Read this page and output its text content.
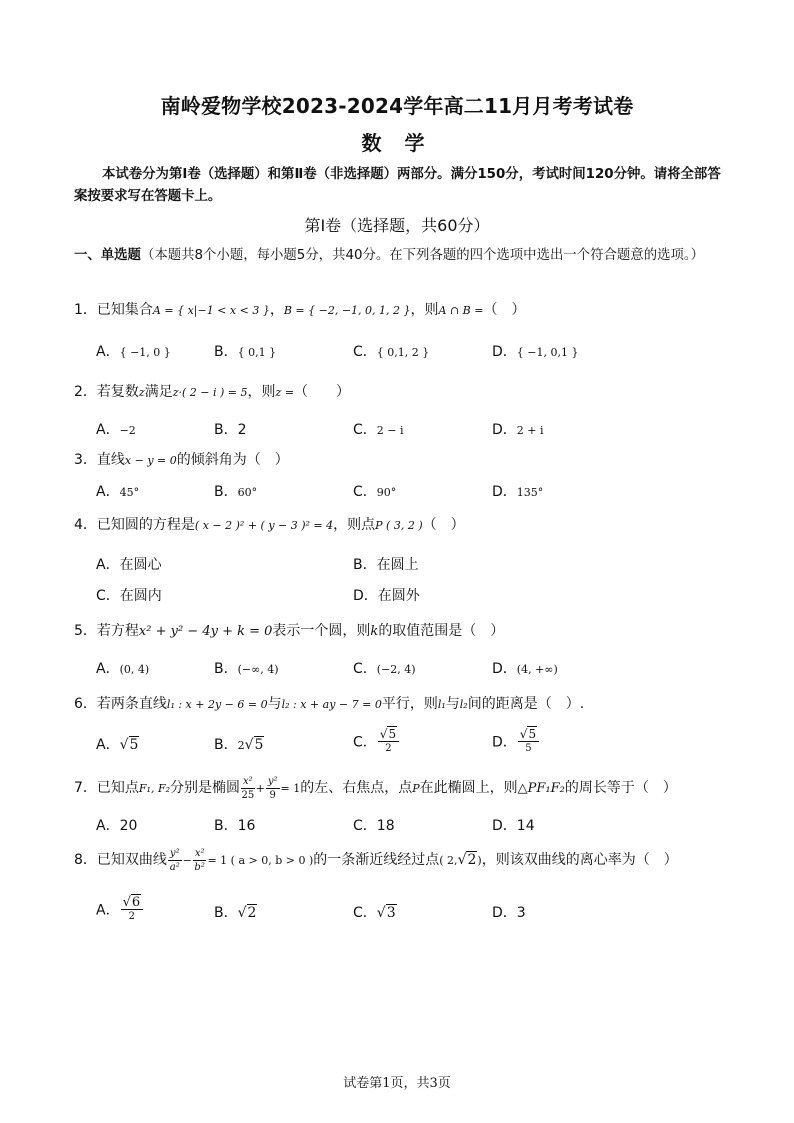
南岭爱物学校2023-2024学年高二11月月考考试卷
数 学
本试卷分为第Ⅰ卷（选择题）和第Ⅱ卷（非选择题）两部分。满分150分，考试时间120分钟。请将全部答案按要求写在答题卡上。
第Ⅰ卷（选择题，共60分）
一、单选题（本题共8个小题，每小题5分，共40分。在下列各题的四个选项中选出一个符合题意的选项。）
1．已知集合A = { x|−1 < x < 3 }，B = { −2, −1, 0, 1, 2 }，则A ∩ B =（　）
A．{ −1, 0 }	B．{ 0,1 }	C．{ 0,1, 2 }	D．{ −1, 0,1 }
2．若复数z满足z·( 2 − i ) = 5，则z =（　　）
A．−2	B．2	C．2 − i	D．2 + i
3．直线x − y = 0的倾斜角为（　）
A．45°	B．60°	C．90°	D．135°
4．已知圆的方程是( x − 2 )² + ( y − 3 )² = 4，则点P ( 3, 2 )（　）
A．在圆心	B．在圆上
C．在圆内	D．在圆外
5．若方程x² + y² − 4y + k = 0表示一个圆，则k的取值范围是（　）
A．(0, 4)	B．(−∞, 4)	C．(−2, 4)	D．(4, +∞)
6．若两条直线l₁ : x + 2y − 6 = 0与l₂ : x + ay − 7 = 0平行，则l₁与l₂间的距离是（　）.
A．√5	B．2√5	C． $\frac{√5}{2}$	D． $\frac{√5}{5}$
7．已知点F₁, F₂分别是椭圆 $\frac{\text{x²}}{25} + \frac{\text{y²}}{9} = 1$的左、右焦点，点P在此椭圆上，则△PF₁F₂的周长等于（　）
A．20	B．16	C．18	D．14
8．已知双曲线 $\frac{\text{y²}}{\text{a²}} - \frac{\text{x²}}{\text{b²}} = 1$ ( a > 0, b > 0 )的一条渐近线经过点( 2,√2)，则该双曲线的离心率为（　）
A． $\frac{√6}{2}$	B．√2	C．√3	D．3
试卷第1页，共3页
